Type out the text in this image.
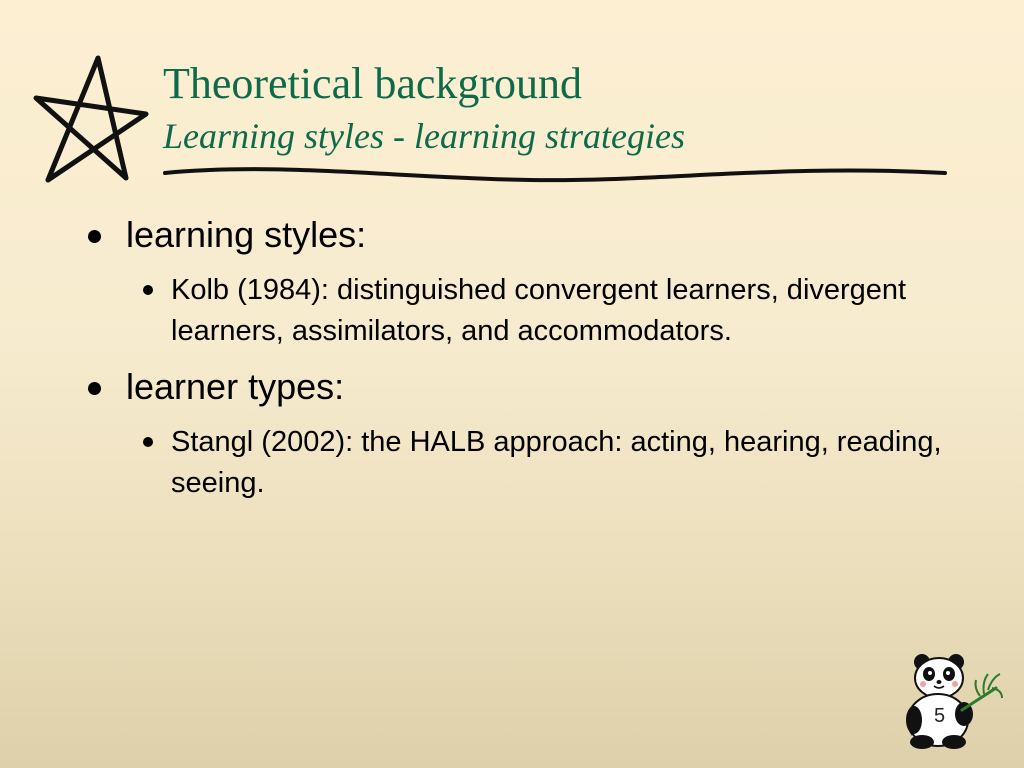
Theoretical background
Learning styles - learning strategies
learning styles:
Kolb (1984): distinguished convergent learners, divergent learners, assimilators, and accommodators.
learner types:
Stangl (2002): the HALB approach: acting, hearing, reading, seeing.
5
